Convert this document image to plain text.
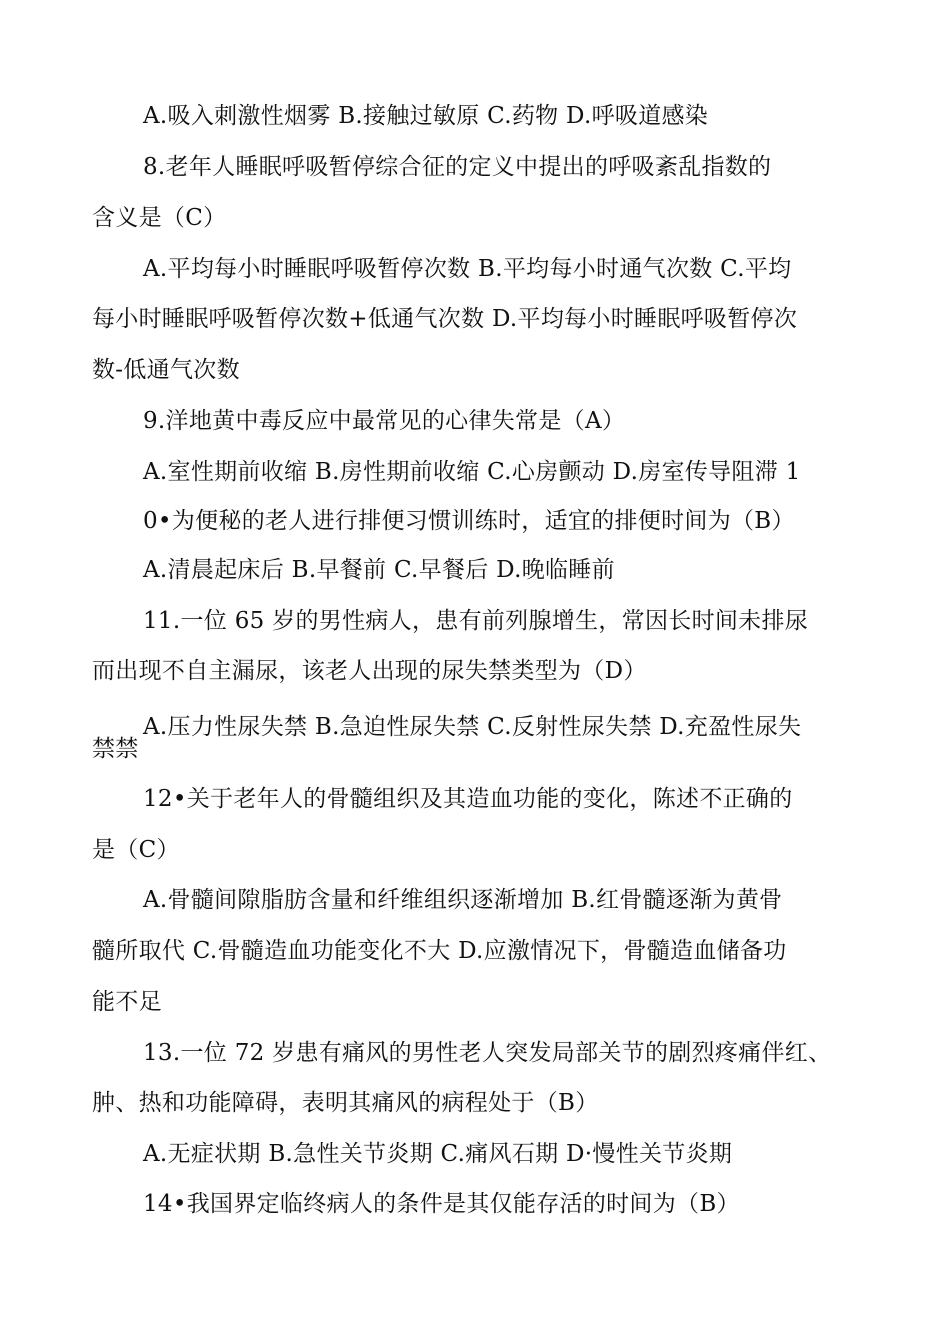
A.吸入刺激性烟雾 B.接触过敏原 C.药物 D.呼吸道感染
8.老年人睡眠呼吸暂停综合征的定义中提出的呼吸紊乱指数的
含义是（C）
A.平均每小时睡眠呼吸暂停次数 B.平均每小时通气次数 C.平均
每小时睡眠呼吸暂停次数+低通气次数 D.平均每小时睡眠呼吸暂停次
数-低通气次数
9.洋地黄中毒反应中最常见的心律失常是（A）
A.室性期前收缩 B.房性期前收缩 C.心房颤动 D.房室传导阻滞 1
0•为便秘的老人进行排便习惯训练时，适宜的排便时间为（B）
A.清晨起床后 B.早餐前 C.早餐后 D.晚临睡前
11.一位 65 岁的男性病人，患有前列腺增生，常因长时间未排尿
而出现不自主漏尿，该老人出现的尿失禁类型为（D）
A.压力性尿失禁 B.急迫性尿失禁 C.反射性尿失禁 D.充盈性尿失
禁禁
12•关于老年人的骨髓组织及其造血功能的变化，陈述不正确的
是（C）
A.骨髓间隙脂肪含量和纤维组织逐渐增加 B.红骨髓逐渐为黄骨
髓所取代 C.骨髓造血功能变化不大 D.应激情况下，骨髓造血储备功
能不足
13.一位 72 岁患有痛风的男性老人突发局部关节的剧烈疼痛伴红、
肿、热和功能障碍，表明其痛风的病程处于（B）
A.无症状期 B.急性关节炎期 C.痛风石期 D·慢性关节炎期
14•我国界定临终病人的条件是其仅能存活的时间为（B）
